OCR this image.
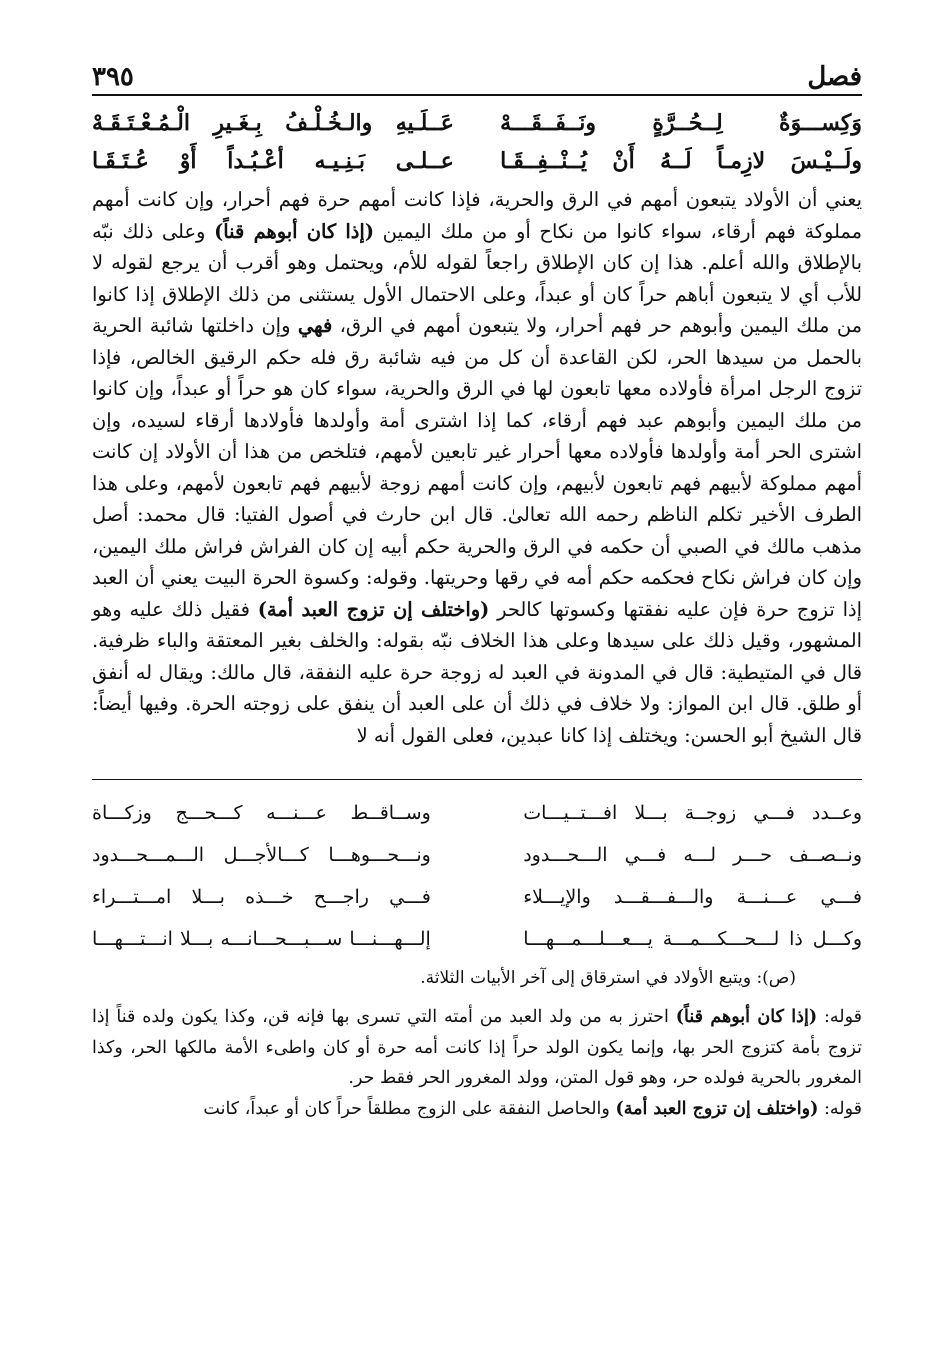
فصل
٣٩٥
وَكِســـوَةٌ لِــحُــرَّةٍ ونَــفَــقَـــهْ
عَــلَـيهِ والـخُـلْـفُ بِـغَـيرِ الْـمُـعْـتَـقَـهْ
ولَــيْـسَ لازِمـاً لَــهُ أَنْ يُــنْــفِــقَـا
عــلـى بَـنِـيـه أعْـبُـداً أَوْ عُـتَـقَـا
يعني أن الأولاد يتبعون أمهم في الرق والحرية، فإذا كانت أمهم حرة فهم أحرار، وإن كانت أمهم مملوكة فهم أرقاء، سواء كانوا من نكاح أو من ملك اليمين (إذا كان أبوهم قناً) وعلى ذلك نبّه بالإطلاق والله أعلم. هذا إن كان الإطلاق راجعاً لقوله للأم، ويحتمل وهو أقرب أن يرجع لقوله لا للأب أي لا يتبعون أباهم حراً كان أو عبداً، وعلى الاحتمال الأول يستثنى من ذلك الإطلاق إذا كانوا من ملك اليمين وأبوهم حر فهم أحرار، ولا يتبعون أمهم في الرق، فهي وإن داخلتها شائبة الحرية بالحمل من سيدها الحر، لكن القاعدة أن كل من فيه شائبة رق فله حكم الرقيق الخالص، فإذا تزوج الرجل امرأة فأولاده معها تابعون لها في الرق والحرية، سواء كان هو حراً أو عبداً، وإن كانوا من ملك اليمين وأبوهم عبد فهم أرقاء، كما إذا اشترى أمة وأولدها فأولادها أرقاء لسيده، وإن اشترى الحر أمة وأولدها فأولاده معها أحرار غير تابعين لأمهم، فتلخص من هذا أن الأولاد إن كانت أمهم مملوكة لأبيهم فهم تابعون لأبيهم، وإن كانت أمهم زوجة لأبيهم فهم تابعون لأمهم، وعلى هذا الطرف الأخير تكلم الناظم رحمه الله تعالىٰ. قال ابن حارث في أصول الفتيا: قال محمد: أصل مذهب مالك في الصبي أن حكمه في الرق والحرية حكم أبيه إن كان الفراش فراش ملك اليمين، وإن كان فراش نكاح فحكمه حكم أمه في رقها وحريتها. وقوله: وكسوة الحرة البيت يعني أن العبد إذا تزوج حرة فإن عليه نفقتها وكسوتها كالحر (واختلف إن تزوج العبد أمة) فقيل ذلك عليه وهو المشهور، وقيل ذلك على سيدها وعلى هذا الخلاف نبّه بقوله: والخلف بغير المعتقة والباء ظرفية. قال في المتيطية: قال في المدونة في العبد له زوجة حرة عليه النفقة، قال مالك: ويقال له أنفق أو طلق. قال ابن المواز: ولا خلاف في ذلك أن على العبد أن ينفق على زوجته الحرة. وفيها أيضاً: قال الشيخ أبو الحسن: ويختلف إذا كانا عبدين، فعلى القول أنه لا
وعــدد فـــي زوجــة بـــلا افـــتــيـــات
وســاقــط عـــنـــه كـــحـــج وزكـــاة
ونــصــف حـــر لـــه فـــي الـــحـــدود
ونـــحـــوهـــا كـــالأجـــل الـــمـــحـــدود
فـــي عـــنـــة والـــفـــقـــد والإيـــلاء
فـــي راجـــح خـــذه بـــلا امـــتـــراء
وكـــل ذا لـــحـــكـــمـــة يـــعـــلـــمـــهـــا
إلـــهـــنـــا ســـبـــحـــانـــه بـــلا انـــتـــهـــا
(ص): ويتبع الأولاد في استرقاق إلى آخر الأبيات الثلاثة.
قوله: (إذا كان أبوهم قناً) احترز به من ولد العبد من أمته التي تسرى بها فإنه قن، وكذا يكون ولده قناً إذا تزوج بأمة كتزوج الحر بها، وإنما يكون الولد حراً إذا كانت أمه حرة أو كان واطىء الأمة مالكها الحر، وكذا المغرور بالحرية فولده حر، وهو قول المتن، وولد المغرور الحر فقط حر.
قوله: (واختلف إن تزوج العبد أمة) والحاصل النفقة على الزوج مطلقاً حراً كان أو عبداً، كانت
